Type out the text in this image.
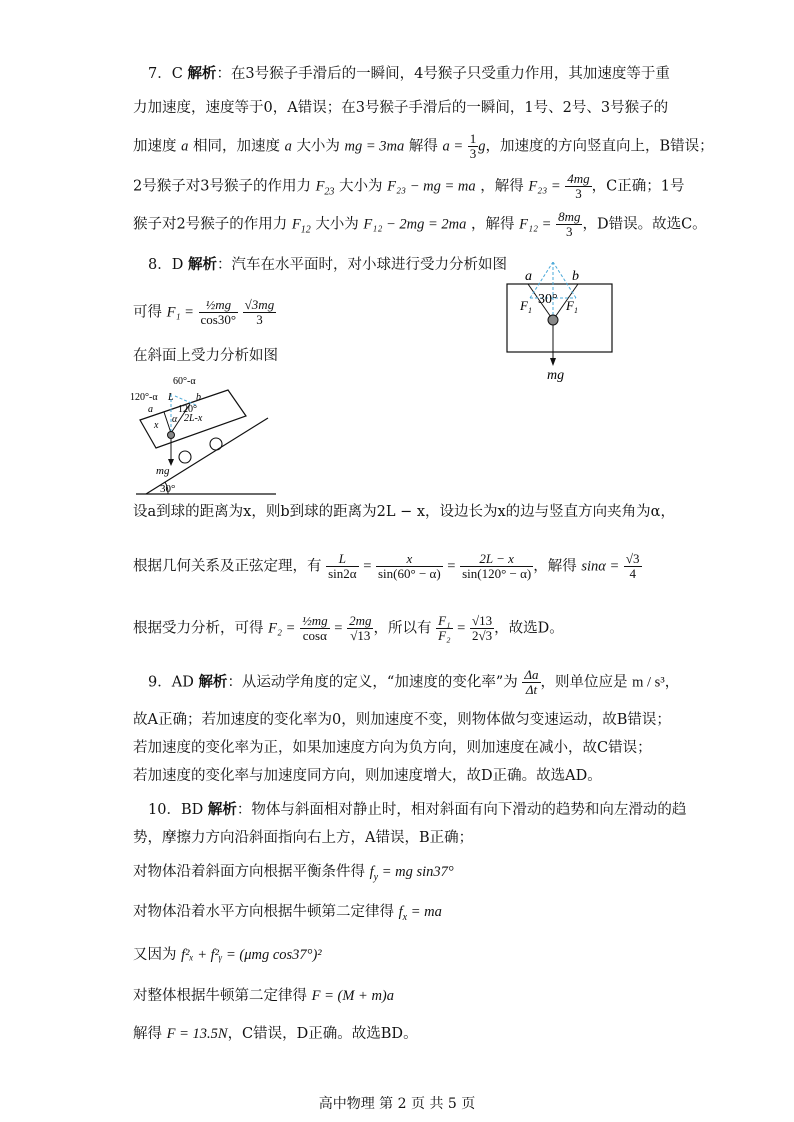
7．C 解析：在3号猴子手滑后的一瞬间，4号猴子只受重力作用，其加速度等于重
力加速度，速度等于0，A错误；在3号猴子手滑后的一瞬间，1号、2号、3号猴子的
加速度 a 相同，加速度 a 大小为 mg = 3ma 解得 $a = \frac{1}{3}$ g，加速度的方向竖直向上，B错误；
2号猴子对3号猴子的作用力 $F_{23}$ 大小为 F₂₃ − mg = ma ，解得 $F_{23} = \frac{4mg}{3}$ ，C正确；1号
猴子对2号猴子的作用力 $F_{12}$ 大小为 F₁₂ − 2mg = 2ma ，解得 $F_{12} = \frac{8mg}{3}$ ，D错误。故选C。
8．D 解析：汽车在水平面时，对小球进行受力分析如图
可得 $F_1 = \frac{\text{½mg}}{\cos 30^\circ}$
$\frac{√3mg}{3}$
在斜面上受力分析如图
a	b
30°
$F_1$	$F_1$
mg
60°-α
120°-α L b
a	120°
α 2L-x
x
mg
30°
设a到球的距离为x，则b到球的距离为2L − x，设边长为x的边与竖直方向夹角为α，
根据几何关系及正弦定理，有 $\frac{L}{\sin 2\alpha} = \frac{x}{\sin(60^\circ - \alpha)} = \frac{2L - x}{\sin(120^\circ - \alpha)}$ ，解得 $\sin\alpha = \frac{√3}{4}$
根据受力分析，可得 $F_2 = \frac{\text{½mg}}{\cos\alpha} = \frac{2mg}{√13}$ ，所以有 $\frac{\text{F₁}}{\text{F₂}} = \frac{√13}{2√3}$ ，故选D。
9．AD 解析：从运动学角度的定义，“加速度的变化率”为 $\frac{\Delta a}{\Delta t}$ ，则单位应是 m / s³，
故A正确；若加速度的变化率为0，则加速度不变，则物体做匀变速运动，故B错误；
若加速度的变化率为正，如果加速度方向为负方向，则加速度在减小，故C错误；
若加速度的变化率与加速度同方向，则加速度增大，故D正确。故选AD。
10．BD 解析：物体与斜面相对静止时，相对斜面有向下滑动的趋势和向左滑动的趋
势，摩擦力方向沿斜面指向右上方，A错误，B正确；
对物体沿着斜面方向根据平衡条件得 $f_y$ = mg sin37°
对物体沿着水平方向根据牛顿第二定律得 $f_x$ = ma
又因为 f²ₓ + f²ᵧ = (μmg cos37°)²
对整体根据牛顿第二定律得 F = (M + m)a
解得 F = 13.5N，C错误，D正确。故选BD。
高中物理 第 2 页 共 5 页
